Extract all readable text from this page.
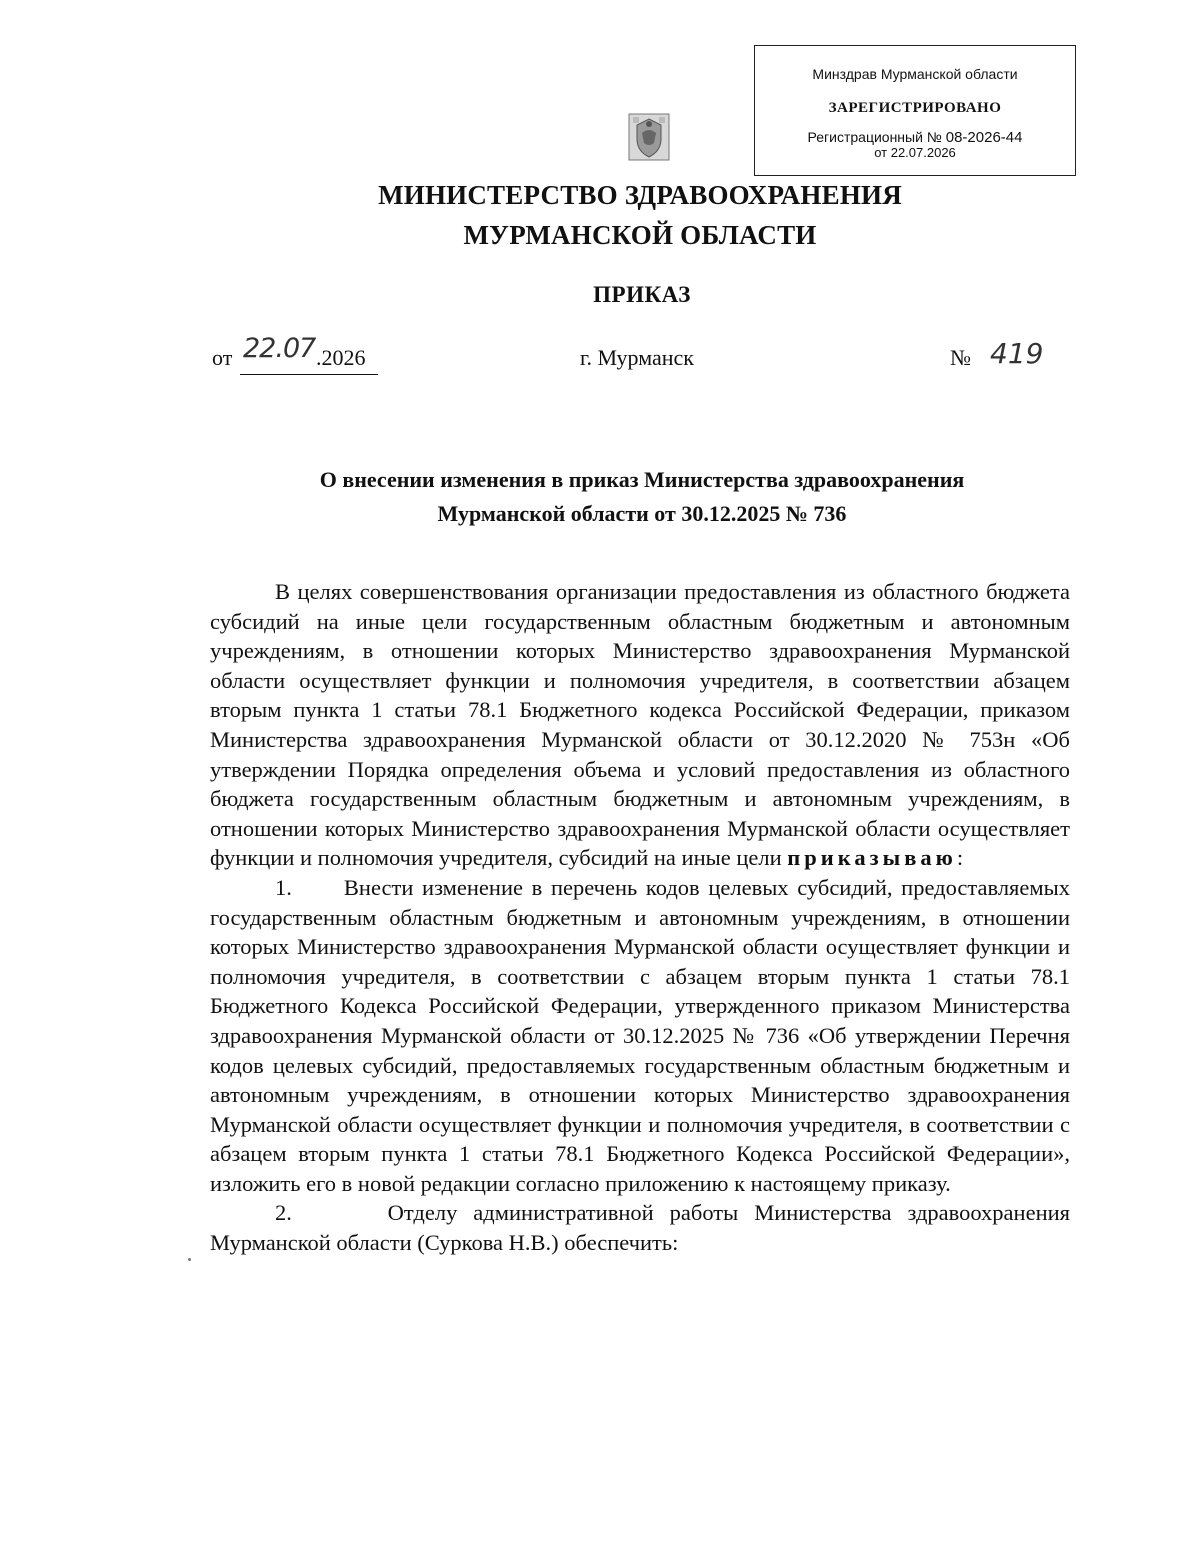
Минздрав Мурманской области
ЗАРЕГИСТРИРОВАНО
Регистрационный № 08-2026-44
от 22.07.2026
МИНИСТЕРСТВО ЗДРАВООХРАНЕНИЯ
МУРМАНСКОЙ ОБЛАСТИ
ПРИКАЗ
от 22.07 .2026	г. Мурманск	№ 419
О внесении изменения в приказ Министерства здравоохранения
Мурманской области от 30.12.2025 № 736

В целях совершенствования организации предоставления из областного бюджета субсидий на иные цели государственным областным бюджетным и автономным учреждениям, в отношении которых Министерство здравоохранения Мурманской области осуществляет функции и полномочия учредителя, в соответствии абзацем вторым пункта 1 статьи 78.1 Бюджетного кодекса Российской Федерации, приказом Министерства здравоохранения Мурманской области от 30.12.2020 № 753н «Об утверждении Порядка определения объема и условий предоставления из областного бюджета государственным областным бюджетным и автономным учреждениям, в отношении которых Министерство здравоохранения Мурманской области осуществляет функции и полномочия учредителя, субсидий на иные цели приказываю:

1.      Внести изменение в перечень кодов целевых субсидий, предоставляемых государственным областным бюджетным и автономным учреждениям, в отношении которых Министерство здравоохранения Мурманской области осуществляет функции и полномочия учредителя, в соответствии с абзацем вторым пункта 1 статьи 78.1 Бюджетного Кодекса Российской Федерации, утвержденного приказом Министерства здравоохранения Мурманской области от 30.12.2025 № 736 «Об утверждении Перечня кодов целевых субсидий, предоставляемых государственным областным бюджетным и автономным учреждениям, в отношении которых Министерство здравоохранения Мурманской области осуществляет функции и полномочия учредителя, в соответствии с абзацем вторым пункта 1 статьи 78.1 Бюджетного Кодекса Российской Федерации», изложить его в новой редакции согласно приложению к настоящему приказу.

2.      Отделу административной работы Министерства здравоохранения Мурманской области (Суркова Н.В.) обеспечить:
